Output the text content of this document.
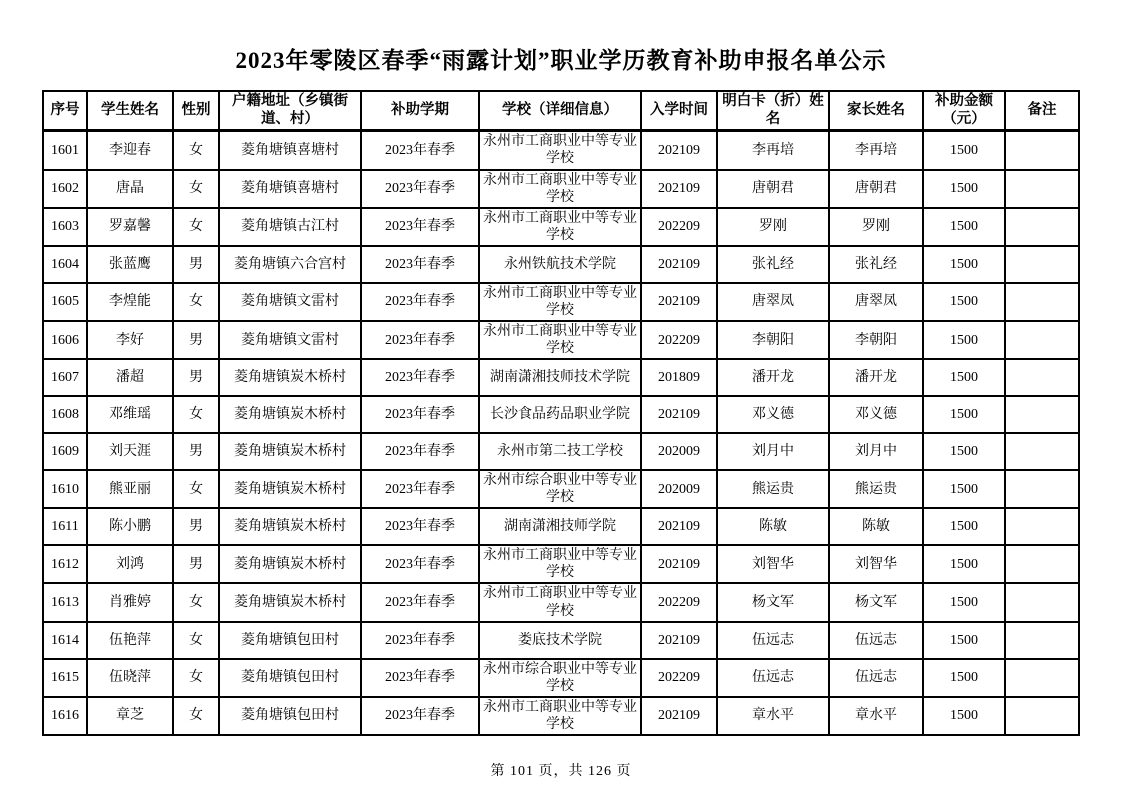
2023年零陵区春季“雨露计划”职业学历教育补助申报名单公示
序号	学生姓名	性别	户籍地址（乡镇街道、村）	补助学期	学校（详细信息）	入学时间	明白卡（折）姓名	家长姓名	补助金额（元）	备注
1601	李迎春	女	菱角塘镇喜塘村	2023年春季	永州市工商职业中等专业学校	202109	李再培	李再培	1500	
1602	唐晶	女	菱角塘镇喜塘村	2023年春季	永州市工商职业中等专业学校	202109	唐朝君	唐朝君	1500	
1603	罗嘉馨	女	菱角塘镇古江村	2023年春季	永州市工商职业中等专业学校	202209	罗刚	罗刚	1500	
1604	张蓝鹰	男	菱角塘镇六合宫村	2023年春季	永州铁航技术学院	202109	张礼经	张礼经	1500	
1605	李煌能	女	菱角塘镇文雷村	2023年春季	永州市工商职业中等专业学校	202109	唐翠凤	唐翠凤	1500	
1606	李好	男	菱角塘镇文雷村	2023年春季	永州市工商职业中等专业学校	202209	李朝阳	李朝阳	1500	
1607	潘超	男	菱角塘镇炭木桥村	2023年春季	湖南潇湘技师技术学院	201809	潘开龙	潘开龙	1500	
1608	邓维瑶	女	菱角塘镇炭木桥村	2023年春季	长沙食品药品职业学院	202109	邓义德	邓义德	1500	
1609	刘天涯	男	菱角塘镇炭木桥村	2023年春季	永州市第二技工学校	202009	刘月中	刘月中	1500	
1610	熊亚丽	女	菱角塘镇炭木桥村	2023年春季	永州市综合职业中等专业学校	202009	熊运贵	熊运贵	1500	
1611	陈小鹏	男	菱角塘镇炭木桥村	2023年春季	湖南潇湘技师学院	202109	陈敏	陈敏	1500	
1612	刘鸿	男	菱角塘镇炭木桥村	2023年春季	永州市工商职业中等专业学校	202109	刘智华	刘智华	1500	
1613	肖雅婷	女	菱角塘镇炭木桥村	2023年春季	永州市工商职业中等专业学校	202209	杨文军	杨文军	1500	
1614	伍艳萍	女	菱角塘镇包田村	2023年春季	娄底技术学院	202109	伍远志	伍远志	1500	
1615	伍晓萍	女	菱角塘镇包田村	2023年春季	永州市综合职业中等专业学校	202209	伍远志	伍远志	1500	
1616	章芝	女	菱角塘镇包田村	2023年春季	永州市工商职业中等专业学校	202109	章水平	章水平	1500	
第 101 页，共 126 页
